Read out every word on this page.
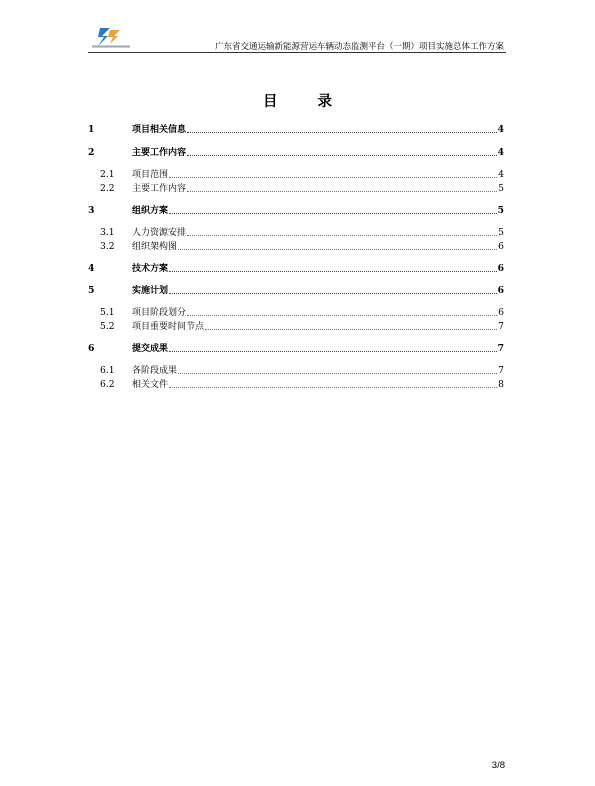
广东省交通运输新能源营运车辆动态监测平台（一期）项目实施总体工作方案
目	录
1	项目相关信息	4
2	主要工作内容	4
2.1	项目范围	4
2.2	主要工作内容	5
3	组织方案	5
3.1	人力资源安排	5
3.2	组织架构图	6
4	技术方案	6
5	实施计划	6
5.1	项目阶段划分	6
5.2	项目重要时间节点	7
6	提交成果	7
6.1	各阶段成果	7
6.2	相关文件	8
3/8
